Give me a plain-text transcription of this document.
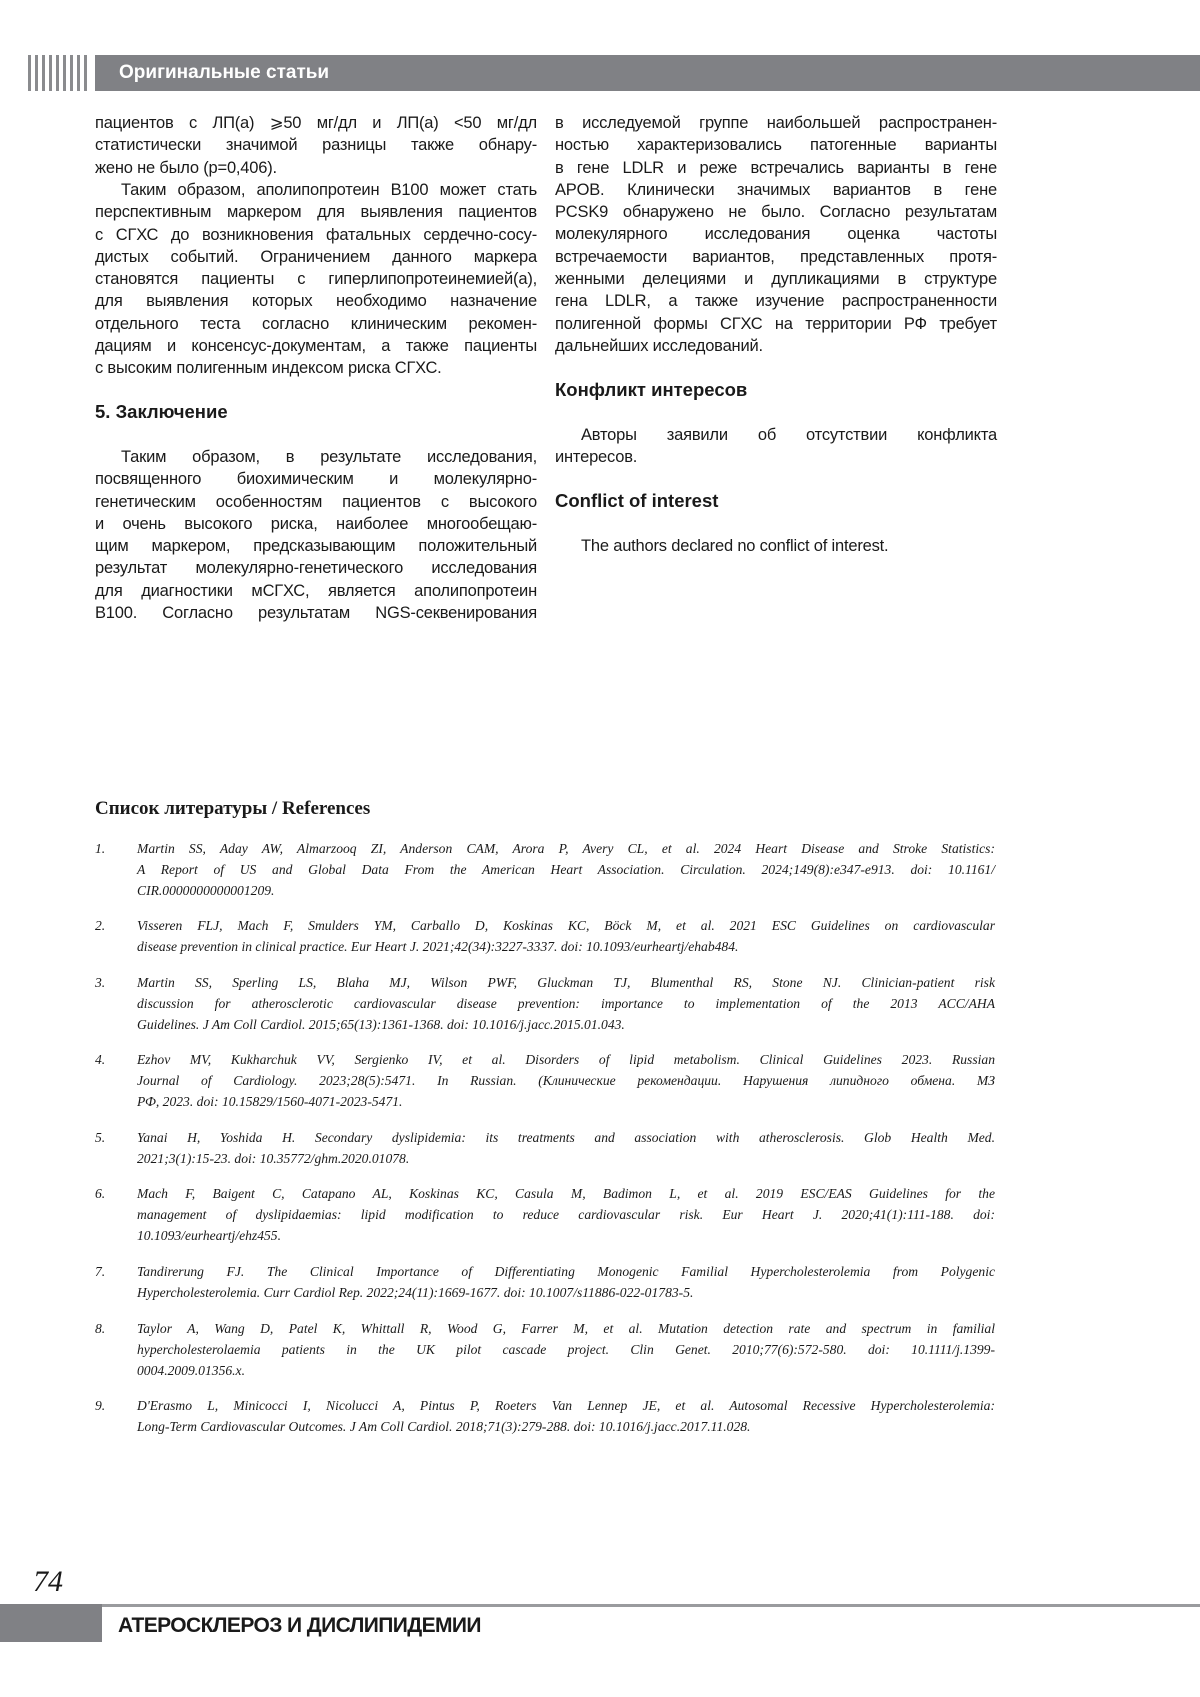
Оригинальные статьи
пациентов с ЛП(а) ⩾50 мг/дл и ЛП(а) <50 мг/дл
статистически значимой разницы также обнару-
жено не было (p=0,406).
Таким образом, аполипопротеин B100 может стать
перспективным маркером для выявления пациентов
с СГХС до возникновения фатальных сердечно-сосу-
дистых событий. Ограничением данного маркера
становятся пациенты с гиперлипопротеинемией(а),
для выявления которых необходимо назначение
отдельного теста согласно клиническим рекомен-
дациям и консенсус-документам, а также пациенты
с высоким полигенным индексом риска СГХС.
5. Заключение
Таким образом, в результате исследования,
посвященного биохимическим и молекулярно-
генетическим особенностям пациентов с высокого
и очень высокого риска, наиболее многообещаю-
щим маркером, предсказывающим положительный
результат молекулярно-генетического исследования
для диагностики мСГХС, является аполипопротеин
B100. Согласно результатам NGS-секвенирования
в исследуемой группе наибольшей распространен-
ностью характеризовались патогенные варианты
в гене LDLR и реже встречались варианты в гене
APOB. Клинически значимых вариантов в гене
PCSK9 обнаружено не было. Согласно результатам
молекулярного исследования оценка частоты
встречаемости вариантов, представленных протя-
женными делециями и дупликациями в структуре
гена LDLR, а также изучение распространенности
полигенной формы СГХС на территории РФ требует
дальнейших исследований.
Конфликт интересов
Авторы заявили об отсутствии конфликта
интересов.
Conflict of interest
The authors declared no conflict of interest.
Список литературы / References
1. Martin SS, Aday AW, Almarzooq ZI, Anderson CAM, Arora P, Avery CL, et al. 2024 Heart Disease and Stroke Statistics:
A Report of US and Global Data From the American Heart Association. Circulation. 2024;149(8):e347-e913. doi: 10.1161/
CIR.0000000000001209.
2. Visseren FLJ, Mach F, Smulders YM, Carballo D, Koskinas KC, Bӧck M, et al. 2021 ESC Guidelines on cardiovascular
disease prevention in clinical practice. Eur Heart J. 2021;42(34):3227-3337. doi: 10.1093/eurheartj/ehab484.
3. Martin SS, Sperling LS, Blaha MJ, Wilson PWF, Gluckman TJ, Blumenthal RS, Stone NJ. Clinician-patient risk
discussion for atherosclerotic cardiovascular disease prevention: importance to implementation of the 2013 ACC/AHA
Guidelines. J Am Coll Cardiol. 2015;65(13):1361-1368. doi: 10.1016/j.jacc.2015.01.043.
4. Ezhov MV, Kukharchuk VV, Sergienko IV, et al. Disorders of lipid metabolism. Clinical Guidelines 2023. Russian
Journal of Cardiology. 2023;28(5):5471. In Russian. (Клинические рекомендации. Нарушения липидного обмена. МЗ
РФ, 2023. doi: 10.15829/1560-4071-2023-5471.
5. Yanai H, Yoshida H. Secondary dyslipidemia: its treatments and association with atherosclerosis. Glob Health Med.
2021;3(1):15-23. doi: 10.35772/ghm.2020.01078.
6. Mach F, Baigent C, Catapano AL, Koskinas KC, Casula M, Badimon L, et al. 2019 ESC/EAS Guidelines for the
management of dyslipidaemias: lipid modification to reduce cardiovascular risk. Eur Heart J. 2020;41(1):111-188. doi:
10.1093/eurheartj/ehz455.
7. Tandirerung FJ. The Clinical Importance of Differentiating Monogenic Familial Hypercholesterolemia from Polygenic
Hypercholesterolemia. Curr Cardiol Rep. 2022;24(11):1669-1677. doi: 10.1007/s11886-022-01783-5.
8. Taylor A, Wang D, Patel K, Whittall R, Wood G, Farrer M, et al. Mutation detection rate and spectrum in familial
hypercholesterolaemia patients in the UK pilot cascade project. Clin Genet. 2010;77(6):572-580. doi: 10.1111/j.1399-
0004.2009.01356.x.
9. D'Erasmo L, Minicocci I, Nicolucci A, Pintus P, Roeters Van Lennep JE, et al. Autosomal Recessive Hypercholesterolemia:
Long-Term Cardiovascular Outcomes. J Am Coll Cardiol. 2018;71(3):279-288. doi: 10.1016/j.jacc.2017.11.028.
74
АТЕРОСКЛЕРОЗ И ДИСЛИПИДЕМИИ
